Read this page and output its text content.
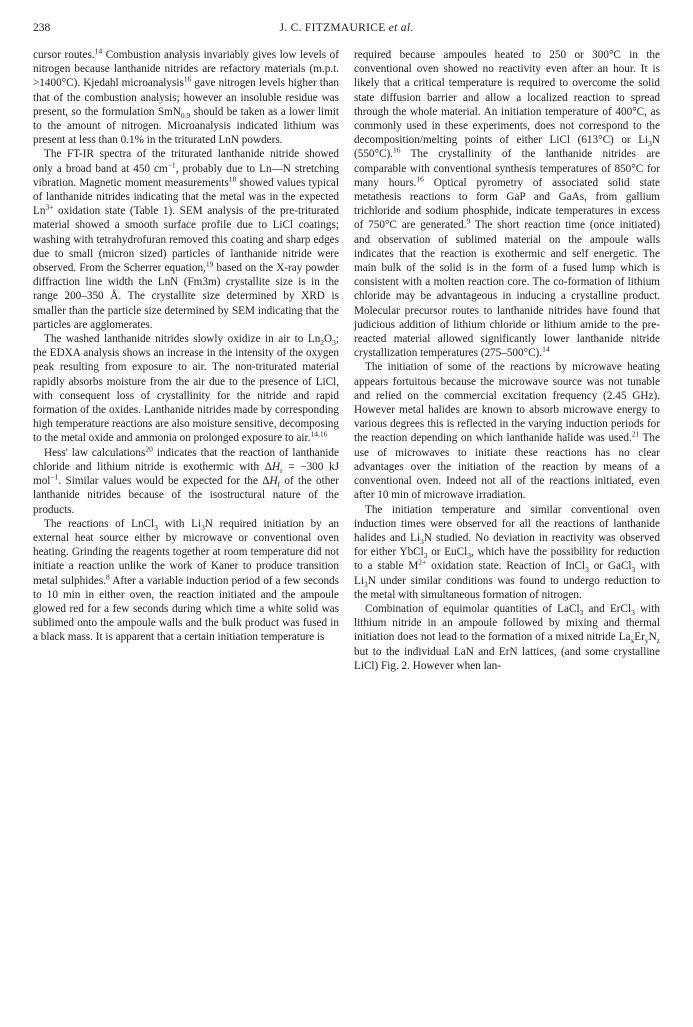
238	J. C. FITZMAURICE et al.

cursor routes.$^{14}$ Combustion analysis invariably gives low levels of nitrogen because lanthanide nitrides are refactory materials (m.p.t. >1400°C). Kjedahl microanalysis$^{16}$ gave nitrogen levels higher than that of the combustion analysis; however an insoluble residue was present, so the formulation SmN$_{0.9}$ should be taken as a lower limit to the amount of nitrogen. Microanalysis indicated lithium was present at less than 0.1% in the triturated LnN powders.

The FT-IR spectra of the triturated lanthanide nitride showed only a broad band at 450 $cm^{-1}$, probably due to Ln—N stretching vibration. Magnetic moment measurements$^{18}$ showed values typical of lanthanide nitrides indicating that the metal was in the expected $Ln^{3+}$ oxidation state (Table 1). SEM analysis of the pre-triturated material showed a smooth surface profile due to LiCl coatings; washing with tetrahydrofuran removed this coating and sharp edges due to small (micron sized) particles of lanthanide nitride were observed. From the Scherrer equation,$^{19}$ based on the X-ray powder diffraction line width the LnN (Fm3m) crystallite size is in the range 200–350 Å. The crystallite size determined by XRD is smaller than the particle size determined by SEM indicating that the particles are agglomerates.

The washed lanthanide nitrides slowly oxidize in air to $Ln_2O_3$; the EDXA analysis shows an increase in the intensity of the oxygen peak resulting from exposure to air. The non-triturated material rapidly absorbs moisture from the air due to the presence of LiCl, with consequent loss of crystallinity for the nitride and rapid formation of the oxides. Lanthanide nitrides made by corresponding high temperature reactions are also moisture sensitive, decomposing to the metal oxide and ammonia on prolonged exposure to air.$^{14,16}$

Hess' law calculations$^{20}$ indicates that the reaction of lanthanide chloride and lithium nitride is exothermic with $\Delta H_r = -300$ kJ mol$^{-1}$. Similar values would be expected for the $\Delta H_f$ of the other lanthanide nitrides because of the isostructural nature of the products.

The reactions of LnCl$_3$ with $Li_3N$ required initiation by an external heat source either by microwave or conventional oven heating. Grinding the reagents together at room temperature did not initiate a reaction unlike the work of Kaner to produce transition metal sulphides.$^8$ After a variable induction period of a few seconds to 10 min in either oven, the reaction initiated and the ampoule glowed red for a few seconds during which time a white solid was sublimed onto the ampoule walls and the bulk product was fused in a black mass. It is apparent that a certain initiation temperature is

required because ampoules heated to 250 or 300°C in the conventional oven showed no reactivity even after an hour. It is likely that a critical temperature is required to overcome the solid state diffusion barrier and allow a localized reaction to spread through the whole material. An initiation temperature of 400°C, as commonly used in these experiments, does not correspond to the decomposition/melting points of either LiCl (613°C) or $Li_3N$ (550°C).$^{16}$ The crystallinity of the lanthanide nitrides are comparable with conventional synthesis temperatures of 850°C for many hours.$^{16}$ Optical pyrometry of associated solid state metathesis reactions to form GaP and GaAs, from gallium trichloride and sodium phosphide, indicate temperatures in excess of 750°C are generated.$^9$ The short reaction time (once initiated) and observation of sublimed material on the ampoule walls indicates that the reaction is exothermic and self energetic. The main bulk of the solid is in the form of a fused lump which is consistent with a molten reaction core. The co-formation of lithium chloride may be advantageous in inducing a crystalline product. Molecular precursor routes to lanthanide nitrides have found that judicious addition of lithium chloride or lithium amide to the pre-reacted material allowed significantly lower lanthanide nitride crystallization temperatures (275–500°C).$^{14}$

The initiation of some of the reactions by microwave heating appears fortuitous because the microwave source was not tunable and relied on the commercial excitation frequency (2.45 GHz). However metal halides are known to absorb microwave energy to various degrees this is reflected in the varying induction periods for the reaction depending on which lanthanide halide was used.$^{21}$ The use of microwaves to initiate these reactions has no clear advantages over the initiation of the reaction by means of a conventional oven. Indeed not all of the reactions initiated, even after 10 min of microwave irradiation.

The initiation temperature and similar conventional oven induction times were observed for all the reactions of lanthanide halides and $Li_3N$ studied. No deviation in reactivity was observed for either YbCl$_3$ or EuCl$_3$, which have the possibility for reduction to a stable $M^{2+}$ oxidation state. Reaction of InCl$_3$ or GaCl$_3$ with $Li_3N$ under similar conditions was found to undergo reduction to the metal with simultaneous formation of nitrogen.

Combination of equimolar quantities of LaCl$_3$ and ErCl$_3$ with lithium nitride in an ampoule followed by mixing and thermal initiation does not lead to the formation of a mixed nitride $La_xEr_yN_z$ but to the individual LaN and ErN lattices, (and some crystalline LiCl) Fig. 2. However when lan-
